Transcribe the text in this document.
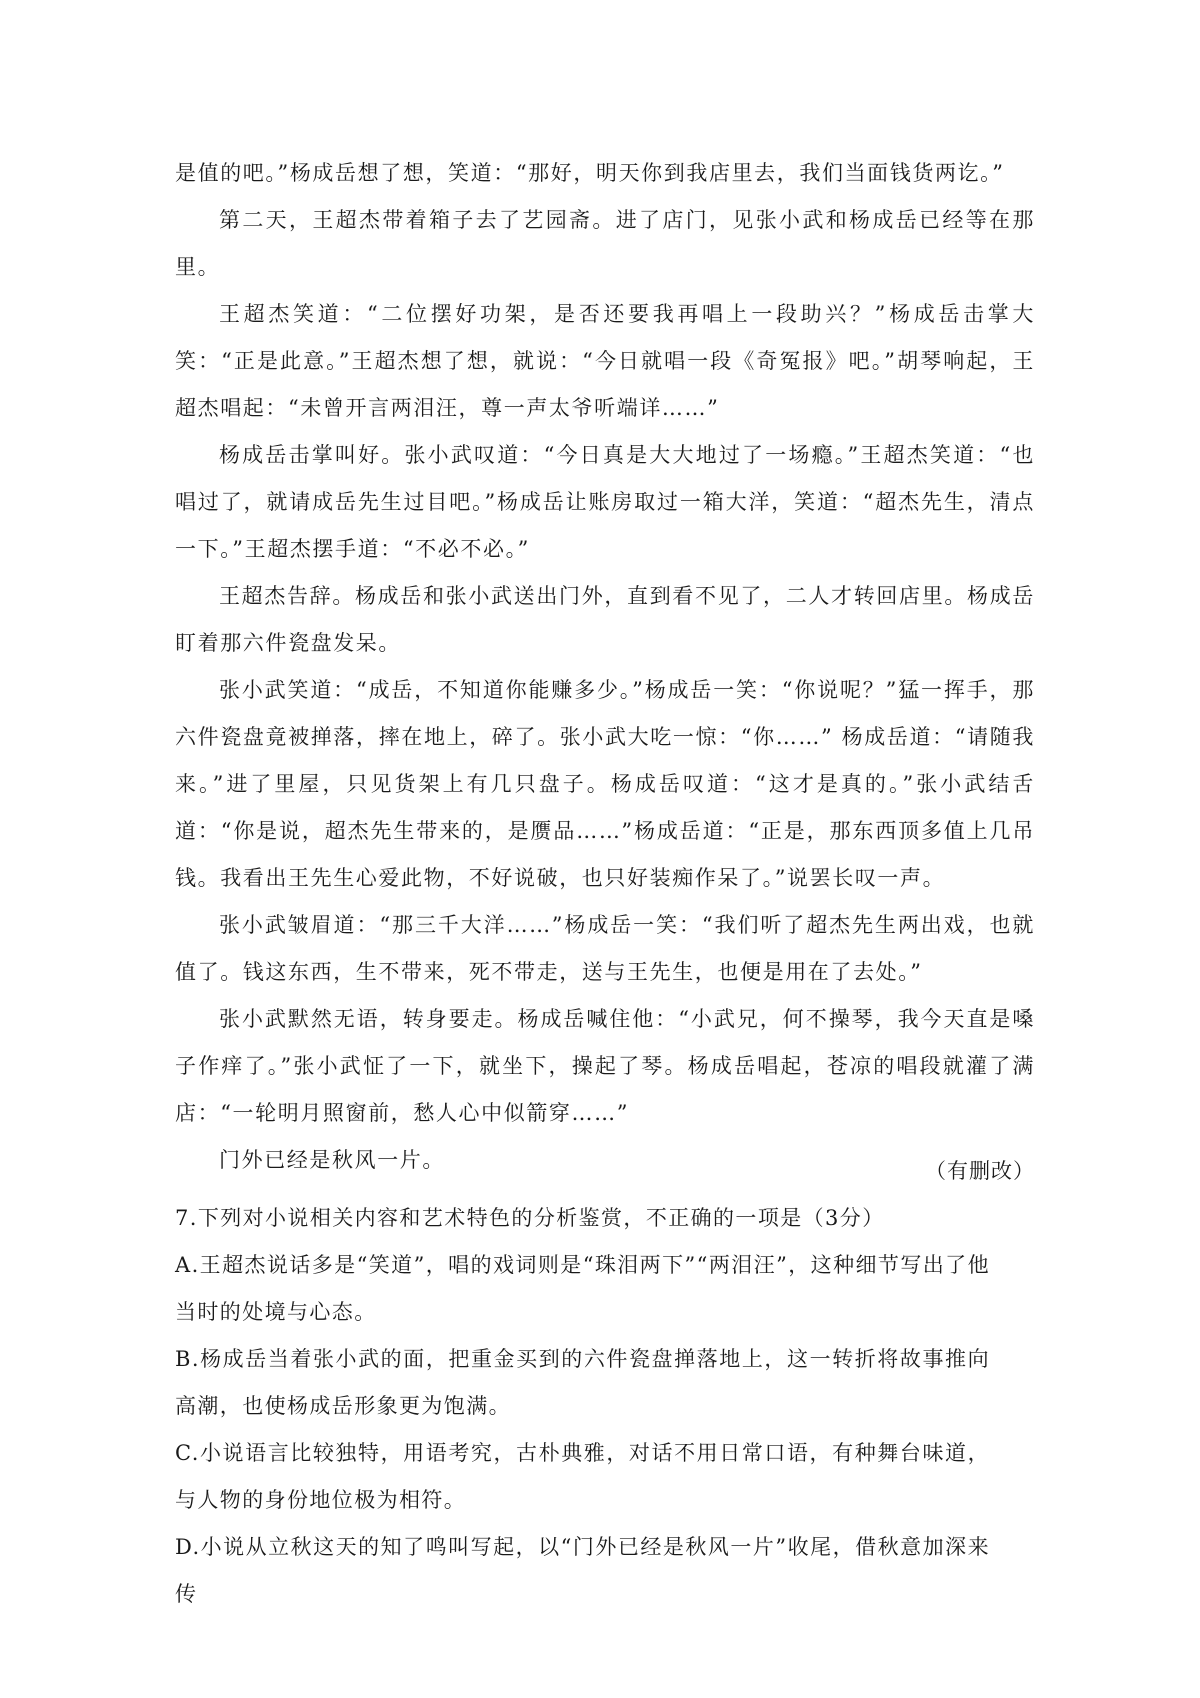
是值的吧。”杨成岳想了想，笑道：“那好，明天你到我店里去，我们当面钱货两讫。”

第二天，王超杰带着箱子去了艺园斋。进了店门，见张小武和杨成岳已经等在那里。

王超杰笑道：“二位摆好功架，是否还要我再唱上一段助兴？”杨成岳击掌大笑：“正是此意。”王超杰想了想，就说：“今日就唱一段《奇冤报》吧。”胡琴响起，王超杰唱起：“未曾开言两泪汪，尊一声太爷听端详……”

杨成岳击掌叫好。张小武叹道：“今日真是大大地过了一场瘾。”王超杰笑道：“也唱过了，就请成岳先生过目吧。”杨成岳让账房取过一箱大洋，笑道：“超杰先生，清点一下。”王超杰摆手道：“不必不必。”

王超杰告辞。杨成岳和张小武送出门外，直到看不见了，二人才转回店里。杨成岳盯着那六件瓷盘发呆。

张小武笑道：“成岳，不知道你能赚多少。”杨成岳一笑：“你说呢？”猛一挥手，那六件瓷盘竟被掸落，摔在地上，碎了。张小武大吃一惊：“你……” 杨成岳道：“请随我来。”进了里屋，只见货架上有几只盘子。杨成岳叹道：“这才是真的。”张小武结舌道：“你是说，超杰先生带来的，是赝品……”杨成岳道：“正是，那东西顶多值上几吊钱。我看出王先生心爱此物，不好说破，也只好装痴作呆了。”说罢长叹一声。

张小武皱眉道：“那三千大洋……”杨成岳一笑：“我们听了超杰先生两出戏，也就值了。钱这东西，生不带来，死不带走，送与王先生，也便是用在了去处。”

张小武默然无语，转身要走。杨成岳喊住他：“小武兄，何不操琴，我今天直是嗓子作痒了。”张小武怔了一下，就坐下，操起了琴。杨成岳唱起，苍凉的唱段就灌了满店：“一轮明月照窗前，愁人心中似箭穿……”

门外已经是秋风一片。	（有删改）

7.下列对小说相关内容和艺术特色的分析鉴赏，不正确的一项是（3分）

A.王超杰说话多是“笑道”，唱的戏词则是“珠泪两下”“两泪汪”，这种细节写出了他当时的处境与心态。

B.杨成岳当着张小武的面，把重金买到的六件瓷盘掸落地上，这一转折将故事推向高潮，也使杨成岳形象更为饱满。

C.小说语言比较独特，用语考究，古朴典雅，对话不用日常口语，有种舞台味道，与人物的身份地位极为相符。

D.小说从立秋这天的知了鸣叫写起，以“门外已经是秋风一片”收尾，借秋意加深来传
